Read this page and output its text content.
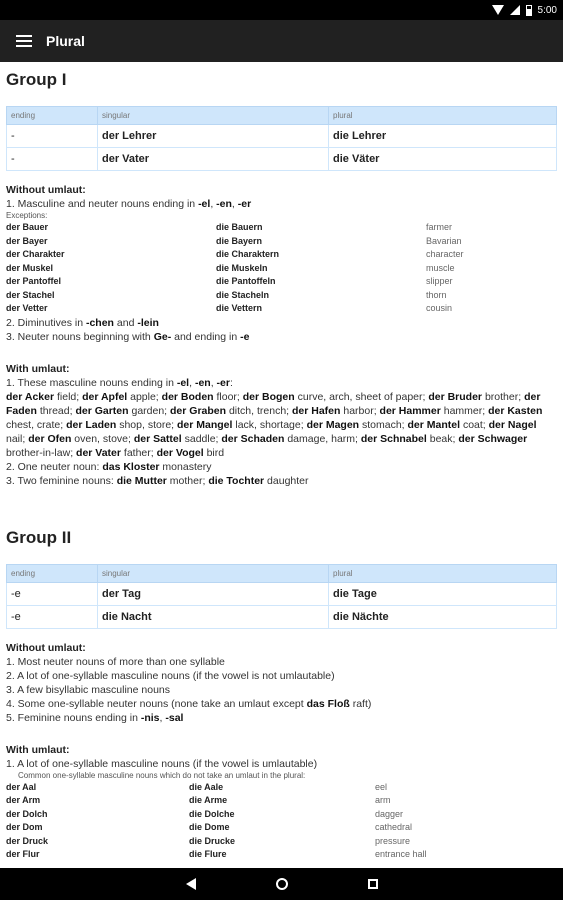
5:00
Plural
Group I
ending	singular	plural
-	der Lehrer	die Lehrer
-	der Vater	die Väter
Without umlaut:
1. Masculine and neuter nouns ending in -el, -en, -er
Exceptions:
der Bauer	die Bauern	farmer
der Bayer	die Bayern	Bavarian
der Charakter	die Charaktern	character
der Muskel	die Muskeln	muscle
der Pantoffel	die Pantoffeln	slipper
der Stachel	die Stacheln	thorn
der Vetter	die Vettern	cousin
2. Diminutives in -chen and -lein
3. Neuter nouns beginning with Ge- and ending in -e
With umlaut:
1. These masculine nouns ending in -el, -en, -er:
der Acker field; der Apfel apple; der Boden floor; der Bogen curve, arch, sheet of paper; der Bruder brother; der Faden thread; der Garten garden; der Graben ditch, trench; der Hafen harbor; der Hammer hammer; der Kasten chest, crate; der Laden shop, store; der Mangel lack, shortage; der Magen stomach; der Mantel coat; der Nagel nail; der Ofen oven, stove; der Sattel saddle; der Schaden damage, harm; der Schnabel beak; der Schwager brother-in-law; der Vater father; der Vogel bird
2. One neuter noun: das Kloster monastery
3. Two feminine nouns: die Mutter mother; die Tochter daughter
Group II
ending	singular	plural
-e	der Tag	die Tage
-e	die Nacht	die Nächte
Without umlaut:
1. Most neuter nouns of more than one syllable
2. A lot of one-syllable masculine nouns (if the vowel is not umlautable)
3. A few bisyllabic masculine nouns
4. Some one-syllable neuter nouns (none take an umlaut except das Floß raft)
5. Feminine nouns ending in -nis, -sal
With umlaut:
1. A lot of one-syllable masculine nouns (if the vowel is umlautable)
Common one-syllable masculine nouns which do not take an umlaut in the plural:
der Aal	die Aale	eel
der Arm	die Arme	arm
der Dolch	die Dolche	dagger
der Dom	die Dome	cathedral
der Druck	die Drucke	pressure
der Flur	die Flure	entrance hall
